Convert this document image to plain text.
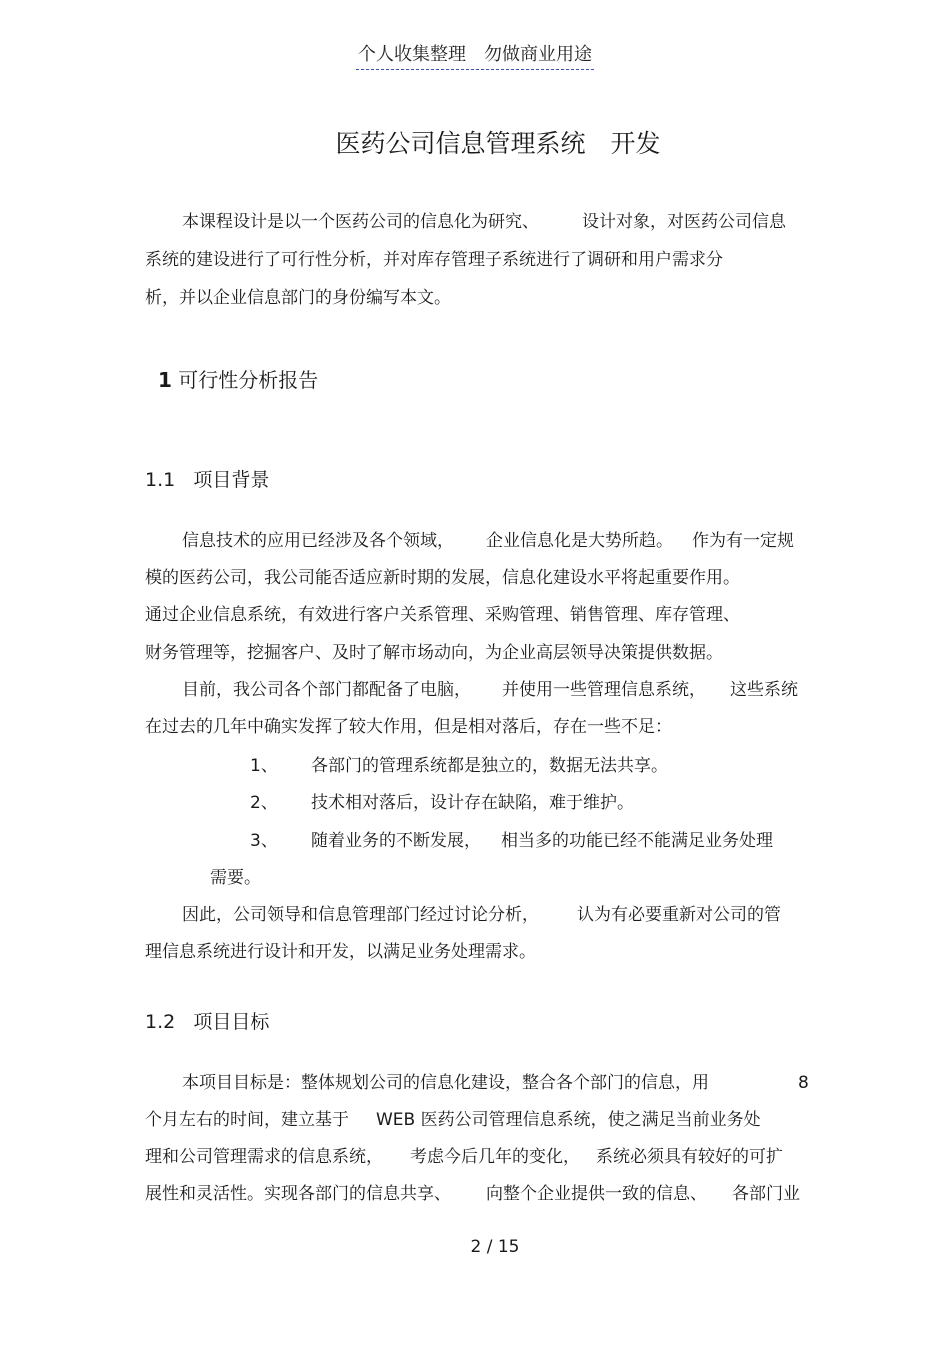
个人收集整理　勿做商业用途
医药公司信息管理系统　开发
本课程设计是以一个医药公司的信息化为研究、	设计对象，对医药公司信息
系统的建设进行了可行性分析，并对库存管理子系统进行了调研和用户需求分
析，并以企业信息部门的身份编写本文。
1 可行性分析报告
1.1 项目背景
信息技术的应用已经涉及各个领域， 企业信息化是大势所趋。 作为有一定规
模的医药公司，我公司能否适应新时期的发展，信息化建设水平将起重要作用。
通过企业信息系统，有效进行客户关系管理、采购管理、销售管理、库存管理、
财务管理等，挖掘客户、及时了解市场动向，为企业高层领导决策提供数据。
目前，我公司各个部门都配备了电脑， 并使用一些管理信息系统， 这些系统
在过去的几年中确实发挥了较大作用，但是相对落后，存在一些不足：
1、 各部门的管理系统都是独立的，数据无法共享。
2、 技术相对落后，设计存在缺陷，难于维护。
3、 随着业务的不断发展， 相当多的功能已经不能满足业务处理
需要。
因此，公司领导和信息管理部门经过讨论分析， 认为有必要重新对公司的管
理信息系统进行设计和开发，以满足业务处理需求。
1.2 项目目标
本项目目标是：整体规划公司的信息化建设，整合各个部门的信息，用	8
个月左右的时间，建立基于 WEB 医药公司管理信息系统，使之满足当前业务处
理和公司管理需求的信息系统， 考虑今后几年的变化， 系统必须具有较好的可扩
展性和灵活性。实现各部门的信息共享、 向整个企业提供一致的信息、 各部门业
2 / 15
